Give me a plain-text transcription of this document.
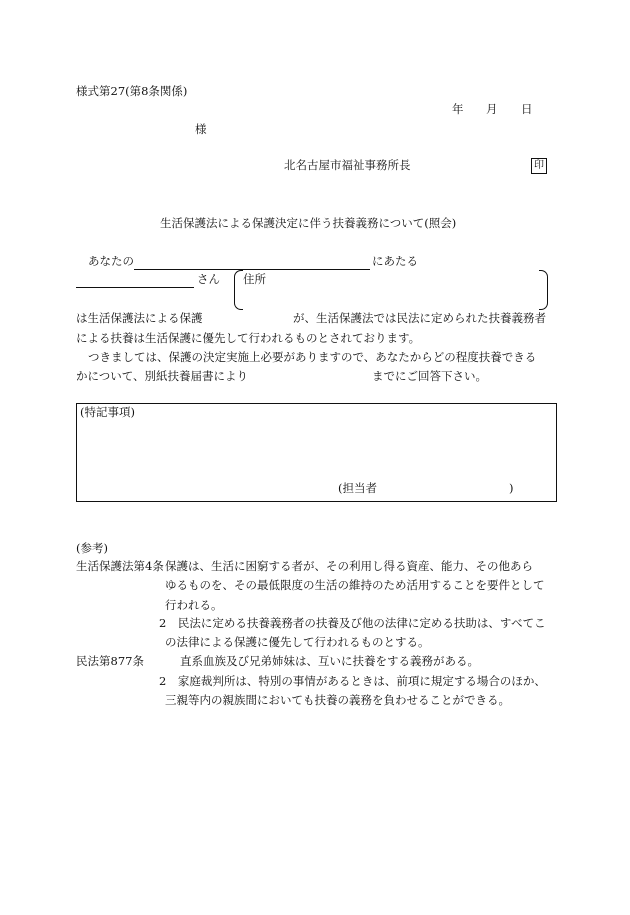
様式第27(第8条関係)
年 月 日
様
北名古屋市福祉事務所長	印
生活保護法による保護決定に伴う扶養義務について(照会)
あなたの	にあたる
さん 住所
は生活保護法による保護	が、生活保護法では民法に定められた扶養義務者
による扶養は生活保護に優先して行われるものとされております。
つきましては、保護の決定実施上必要がありますので、あなたからどの程度扶養できる
かについて、別紙扶養届書により	までにご回答下さい。
(特記事項)
(担当者	)
(参考)
生活保護法第4条 保護は、生活に困窮する者が、その利用し得る資産、能力、その他あら
ゆるものを、その最低限度の生活の維持のため活用することを要件として
行われる。
2　民法に定める扶養義務者の扶養及び他の法律に定める扶助は、すべてこ
の法律による保護に優先して行われるものとする。
民法第877条	直系血族及び兄弟姉妹は、互いに扶養をする義務がある。
2　家庭裁判所は、特別の事情があるときは、前項に規定する場合のほか、
三親等内の親族間においても扶養の義務を負わせることができる。
